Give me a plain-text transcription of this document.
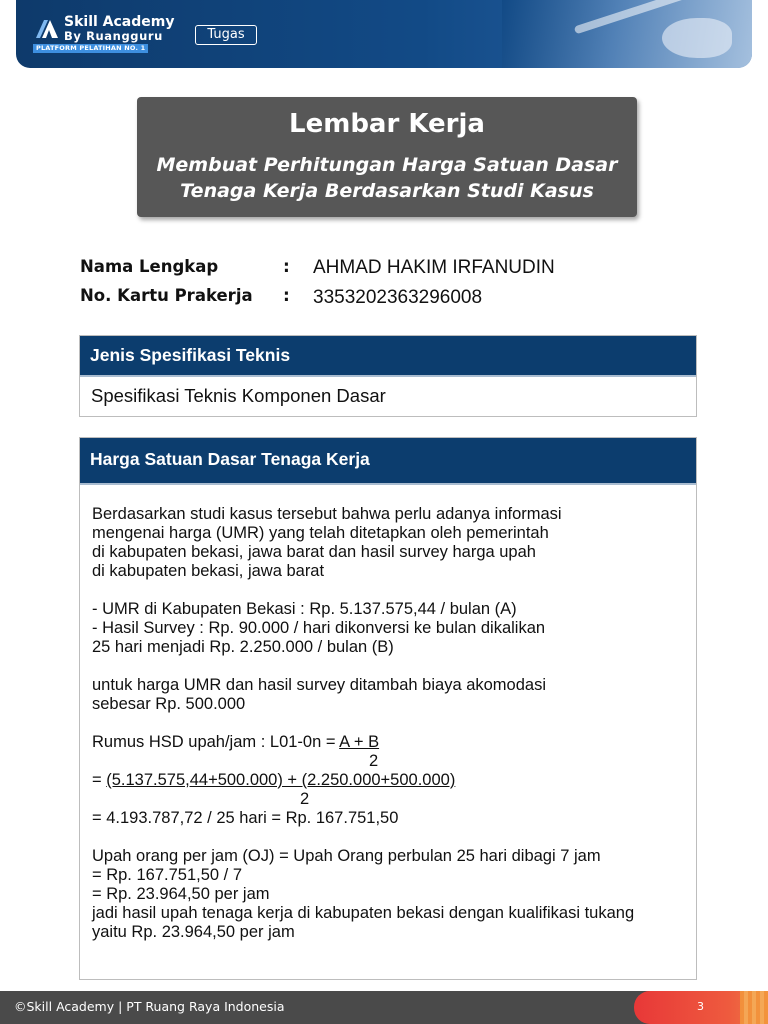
Skill Academy
By Ruangguru
PLATFORM PELATIHAN NO. 1
Tugas
Lembar Kerja
Membuat Perhitungan Harga Satuan Dasar
Tenaga Kerja Berdasarkan Studi Kasus
Nama Lengkap	: AHMAD HAKIM IRFANUDIN
No. Kartu Prakerja : 3353202363296008
Jenis Spesifikasi Teknis
Spesifikasi Teknis Komponen Dasar
Harga Satuan Dasar Tenaga Kerja

Berdasarkan studi kasus tersebut bahwa perlu adanya informasi

mengenai harga (UMR) yang telah ditetapkan oleh pemerintah

di kabupaten bekasi, jawa barat dan hasil survey harga upah

di kabupaten bekasi, jawa barat

- UMR di Kabupaten Bekasi : Rp. 5.137.575,44 / bulan (A)

- Hasil Survey : Rp. 90.000 / hari dikonversi ke bulan dikalikan

25 hari menjadi Rp. 2.250.000 / bulan (B)

untuk harga UMR dan hasil survey ditambah biaya akomodasi

sebesar Rp. 500.000

Rumus HSD upah/jam : L01-0n = A + B

2

= (5.137.575,44+500.000) + (2.250.000+500.000)

2

= 4.193.787,72 / 25 hari = Rp. 167.751,50

Upah orang per jam (OJ) = Upah Orang perbulan 25 hari dibagi 7 jam

= Rp. 167.751,50 / 7

= Rp. 23.964,50 per jam

jadi hasil upah tenaga kerja di kabupaten bekasi dengan kualifikasi tukang

yaitu Rp. 23.964,50 per jam

©Skill Academy | PT Ruang Raya Indonesia	3
